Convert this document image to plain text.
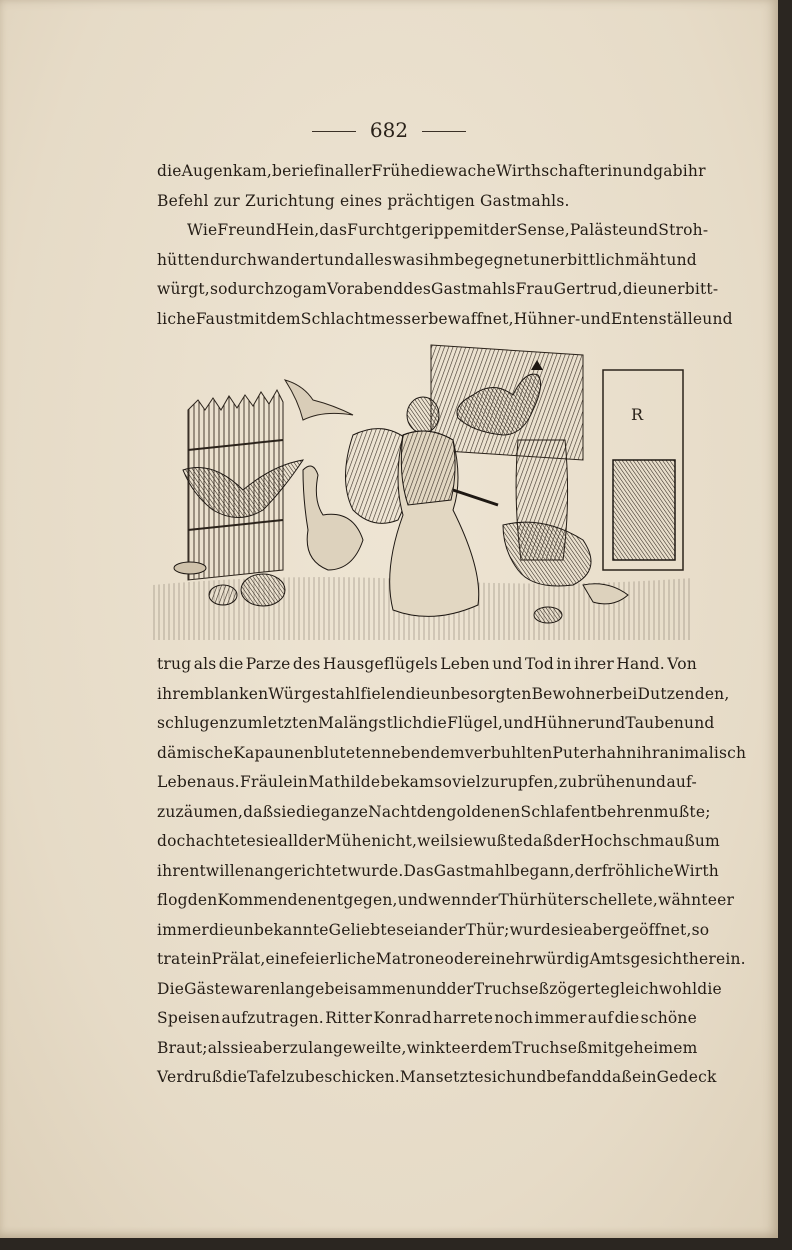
682
die Augen kam, berief in aller Frühe die wache Wirthschafterin und gab ihr
Befehl zur Zurichtung eines prächtigen Gastmahls.
Wie Freund Hein, das Furchtgerippe mit der Sense, Paläste und Stroh-
hütten durchwandert und alles was ihm begegnet unerbittlich mäht und
würgt, so durchzog am Vorabend des Gastmahls Frau Gertrud, die unerbitt-
liche Faust mit dem Schlachtmesser bewaffnet, Hühner- und Entenställe und
R
trug als die Parze des Hausgeflügels Leben und Tod in ihrer Hand. Von
ihrem blanken Würgestahl fielen die unbesorgten Bewohner bei Dutzenden,
schlugen zum letzten Mal ängstlich die Flügel, und Hühner und Tauben und
dämische Kapaunen bluteten neben dem verbuhlten Puterhahn ihr animalisch
Leben aus. Fräulein Mathilde bekam so viel zu rupfen, zu brühen und auf-
zuzäumen, daß sie die ganze Nacht den goldenen Schlaf entbehren mußte;
doch achtete sie all der Mühe nicht, weil sie wußte daß der Hochschmauß um
ihrentwillen angerichtet wurde. Das Gastmahl begann, der fröhliche Wirth
flog den Kommenden entgegen, und wenn der Thürhüter schellete, wähnte er
immer die unbekannte Geliebte sei an der Thür; wurde sie aber geöffnet, so
trat ein Prälat, eine feierliche Matrone oder ein ehrwürdig Amtsgesicht herein.
Die Gäste waren lange beisammen und der Truchseß zögerte gleichwohl die
Speisen aufzutragen. Ritter Konrad harrete noch immer auf die schöne
Braut; als sie aber zu lange weilte, winkte er dem Truchseß mit geheimem
Verdruß die Tafel zu beschicken. Man setzte sich und befand daß ein Gedeck
